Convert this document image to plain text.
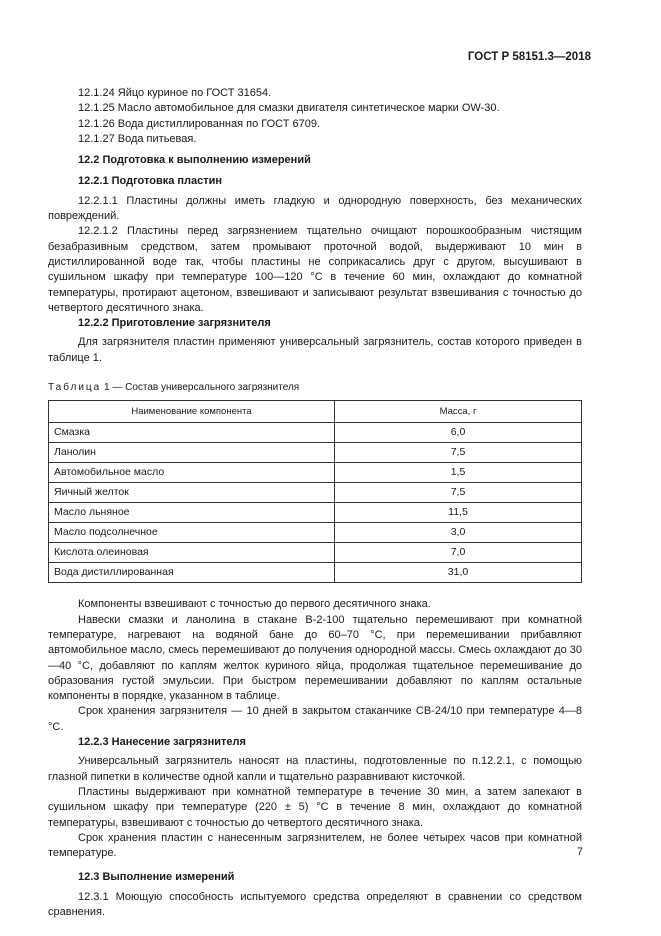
ГОСТ Р 58151.3—2018

12.1.24 Яйцо куриное по ГОСТ 31654.

12.1.25 Масло автомобильное для смазки двигателя синтетическое марки OW-30.

12.1.26 Вода дистиллированная по ГОСТ 6709.

12.1.27 Вода питьевая.

12.2 Подготовка к выполнению измерений

12.2.1 Подготовка пластин

12.2.1.1 Пластины должны иметь гладкую и однородную поверхность, без механических повреждений.

12.2.1.2 Пластины перед загрязнением тщательно очищают порошкообразным чистящим безабразивным средством, затем промывают проточной водой, выдерживают 10 мин в дистиллированной воде так, чтобы пластины не соприкасались друг с другом, высушивают в сушильном шкафу при температуре 100—120 °С в течение 60 мин, охлаждают до комнатной температуры, протирают ацетоном, взвешивают и записывают результат взвешивания с точностью до четвертого десятичного знака.

12.2.2 Приготовление загрязнителя

Для загрязнителя пластин применяют универсальный загрязнитель, состав которого приведен в таблице 1.

Таблица 1 — Состав универсального загрязнителя
Наименование компонента	Масса, г
Смазка	6,0
Ланолин	7,5
Автомобильное масло	1,5
Яичный желток	7,5
Масло льняное	11,5
Масло подсолнечное	3,0
Кислота олеиновая	7,0
Вода дистиллированная	31,0

Компоненты взвешивают с точностью до первого десятичного знака.

Навески смазки и ланолина в стакане В-2-100 тщательно перемешивают при комнатной температуре, нагревают на водяной бане до 60–70 °С, при перемешивании прибавляют автомобильное масло, смесь перемешивают до получения однородной массы. Смесь охлаждают до 30—40 °С, добавляют по каплям желток куриного яйца, продолжая тщательное перемешивание до образования густой эмульсии. При быстром перемешивании добавляют по каплям остальные компоненты в порядке, указанном в таблице.

Срок хранения загрязнителя — 10 дней в закрытом стаканчике СВ-24/10 при температуре 4—8 °С.

12.2.3 Нанесение загрязнителя

Универсальный загрязнитель наносят на пластины, подготовленные по п.12.2.1, с помощью глазной пипетки в количестве одной капли и тщательно разравнивают кисточкой.

Пластины выдерживают при комнатной температуре в течение 30 мин, а затем запекают в сушильном шкафу при температуре (220 ± 5) °С в течение 8 мин, охлаждают до комнатной температуры, взвешивают с точностью до четвертого десятичного знака.

Срок хранения пластин с нанесенным загрязнителем, не более четырех часов при комнатной температуре.

12.3 Выполнение измерений

12.3.1 Моющую способность испытуемого средства определяют в сравнении со средством сравнения.

7
